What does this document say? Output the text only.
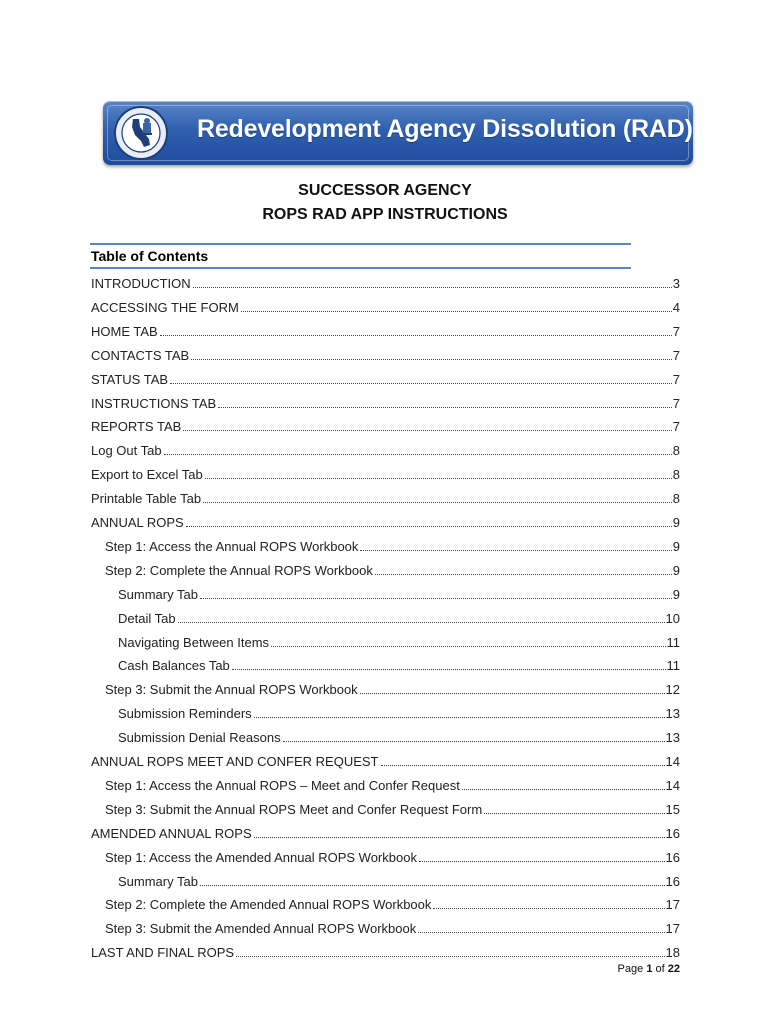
Redevelopment Agency Dissolution (RAD)
SUCCESSOR AGENCY
ROPS RAD APP INSTRUCTIONS
Table of Contents
INTRODUCTION	3
ACCESSING THE FORM	4
HOME TAB	7
CONTACTS TAB	7
STATUS TAB	7
INSTRUCTIONS TAB	7
REPORTS TAB	7
Log Out Tab	8
Export to Excel Tab	8
Printable Table Tab	8
ANNUAL ROPS	9
Step 1: Access the Annual ROPS Workbook	9
Step 2: Complete the Annual ROPS Workbook	9
Summary Tab	9
Detail Tab	10
Navigating Between Items	11
Cash Balances Tab	11
Step 3: Submit the Annual ROPS Workbook	12
Submission Reminders	13
Submission Denial Reasons	13
ANNUAL ROPS MEET AND CONFER REQUEST	14
Step 1: Access the Annual ROPS – Meet and Confer Request	14
Step 3: Submit the Annual ROPS Meet and Confer Request Form	15
AMENDED ANNUAL ROPS	16
Step 1: Access the Amended Annual ROPS Workbook	16
Summary Tab	16
Step 2: Complete the Amended Annual ROPS Workbook	17
Step 3: Submit the Amended Annual ROPS Workbook	17
LAST AND FINAL ROPS	18
Page 1 of 22
